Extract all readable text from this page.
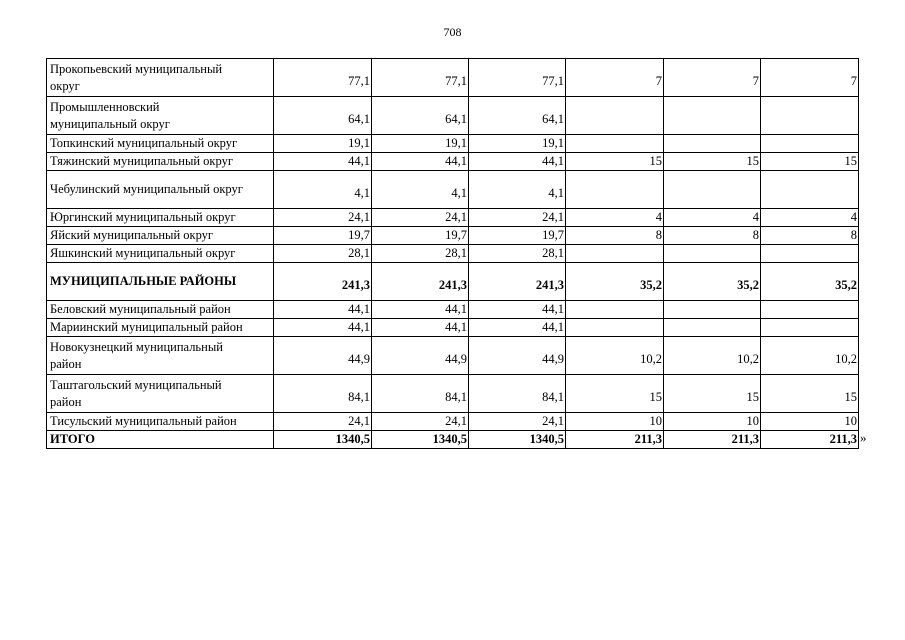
708
Прокопьевский муниципальный
округ	77,1	77,1	77,1	7	7	7
Промышленновский
муниципальный округ	64,1	64,1	64,1			
Топкинский муниципальный округ	19,1	19,1	19,1			
Тяжинский муниципальный округ	44,1	44,1	44,1	15	15	15
Чебулинский муниципальный округ	4,1	4,1	4,1			
Юргинский муниципальный округ	24,1	24,1	24,1	4	4	4
Яйский муниципальный округ	19,7	19,7	19,7	8	8	8
Яшкинский муниципальный округ	28,1	28,1	28,1			
МУНИЦИПАЛЬНЫЕ РАЙОНЫ	241,3	241,3	241,3	35,2	35,2	35,2
Беловский муниципальный район	44,1	44,1	44,1			
Мариинский муниципальный район	44,1	44,1	44,1			
Новокузнецкий муниципальный
район	44,9	44,9	44,9	10,2	10,2	10,2
Таштагольский муниципальный
район	84,1	84,1	84,1	15	15	15
Тисульский муниципальный район	24,1	24,1	24,1	10	10	10
ИТОГО	1340,5	1340,5	1340,5	211,3	211,3	211,3 »
